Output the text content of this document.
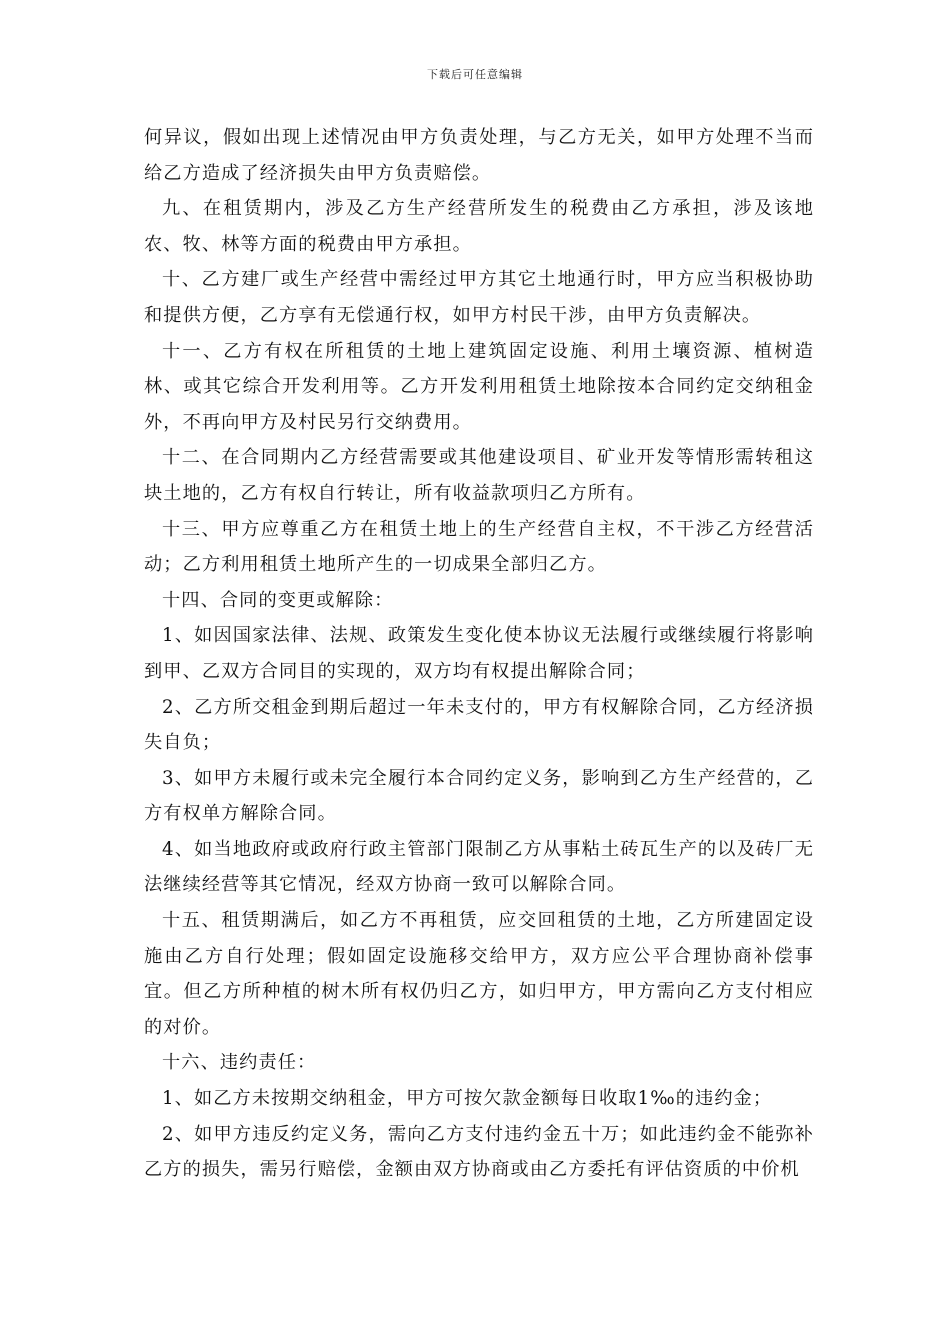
下载后可任意编辑

何异议，假如出现上述情况由甲方负责处理，与乙方无关，如甲方处理不当而给乙方造成了经济损失由甲方负责赔偿。

九、在租赁期内，涉及乙方生产经营所发生的税费由乙方承担，涉及该地农、牧、林等方面的税费由甲方承担。

十、乙方建厂或生产经营中需经过甲方其它土地通行时，甲方应当积极协助和提供方便，乙方享有无偿通行权，如甲方村民干涉，由甲方负责解决。

十一、乙方有权在所租赁的土地上建筑固定设施、利用土壤资源、植树造林、或其它综合开发利用等。乙方开发利用租赁土地除按本合同约定交纳租金外，不再向甲方及村民另行交纳费用。

十二、在合同期内乙方经营需要或其他建设项目、矿业开发等情形需转租这块土地的，乙方有权自行转让，所有收益款项归乙方所有。

十三、甲方应尊重乙方在租赁土地上的生产经营自主权，不干涉乙方经营活动；乙方利用租赁土地所产生的一切成果全部归乙方。

十四、合同的变更或解除：

1、如因国家法律、法规、政策发生变化使本协议无法履行或继续履行将影响到甲、乙双方合同目的实现的，双方均有权提出解除合同；

2、乙方所交租金到期后超过一年未支付的，甲方有权解除合同，乙方经济损失自负；

3、如甲方未履行或未完全履行本合同约定义务，影响到乙方生产经营的，乙方有权单方解除合同。

4、如当地政府或政府行政主管部门限制乙方从事粘土砖瓦生产的以及砖厂无法继续经营等其它情况，经双方协商一致可以解除合同。

十五、租赁期满后，如乙方不再租赁，应交回租赁的土地，乙方所建固定设施由乙方自行处理；假如固定设施移交给甲方，双方应公平合理协商补偿事宜。但乙方所种植的树木所有权仍归乙方，如归甲方，甲方需向乙方支付相应的对价。

十六、违约责任：

1、如乙方未按期交纳租金，甲方可按欠款金额每日收取1‰的违约金；

2、如甲方违反约定义务，需向乙方支付违约金五十万；如此违约金不能弥补乙方的损失，需另行赔偿，金额由双方协商或由乙方委托有评估资质的中价机
